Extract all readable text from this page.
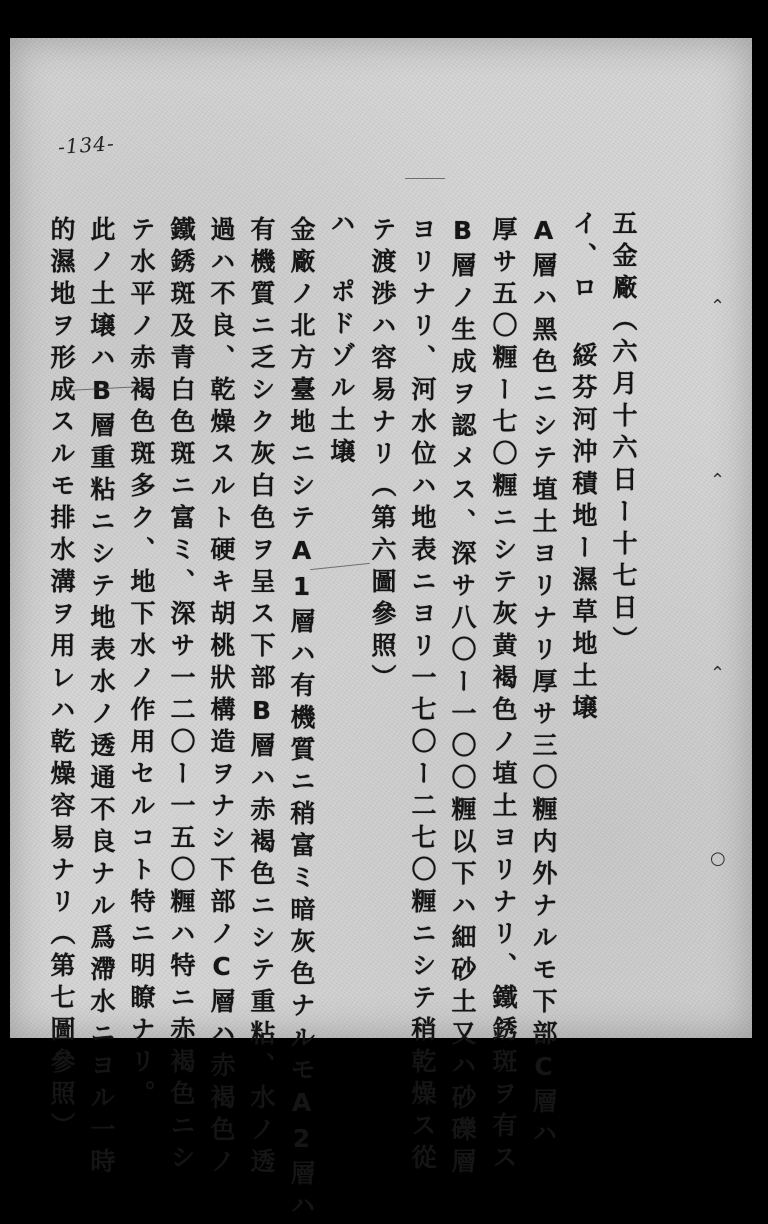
-134-
五金廠（六月十六日ー十七日）
イ、ロ 綏芬河沖積地ー濕草地土壌
A層ハ黑色ニシテ埴土ヨリナリ厚サ三〇糎内外ナルモ下部C層ハ
厚サ五〇糎ー七〇糎ニシテ灰黄褐色ノ埴土ヨリナリ、鐵銹斑ヲ有ス
B層ノ生成ヲ認メス、深サ八〇ー一〇〇糎以下ハ細砂土又ハ砂礫層
ヨリナリ、河水位ハ地表ニヨリ一七〇ー二七〇糎ニシテ稍乾燥ス從
テ渡渉ハ容易ナリ（第六圖參照）
ハ ポドゾル土壌
金廠ノ北方臺地ニシテA1層ハ有機質ニ稍富ミ暗灰色ナルモA2層ハ
有機質ニ乏シク灰白色ヲ呈ス下部B層ハ赤褐色ニシテ重粘、水ノ透
過ハ不良、乾燥スルト硬キ胡桃狀構造ヲナシ下部ノC層ハ赤褐色ノ
鐵銹斑及青白色斑ニ富ミ、深サ一二〇ー一五〇糎ハ特ニ赤褐色ニシ
テ水平ノ赤褐色斑多ク、地下水ノ作用セルコト特ニ明瞭ナリ。
此ノ土壌ハB層重粘ニシテ地表水ノ透通不良ナル爲滯水ニヨル一時
的濕地ヲ形成スルモ排水溝ヲ用レハ乾燥容易ナリ（第七圖參照）	⌃
⌃
⌃
○
